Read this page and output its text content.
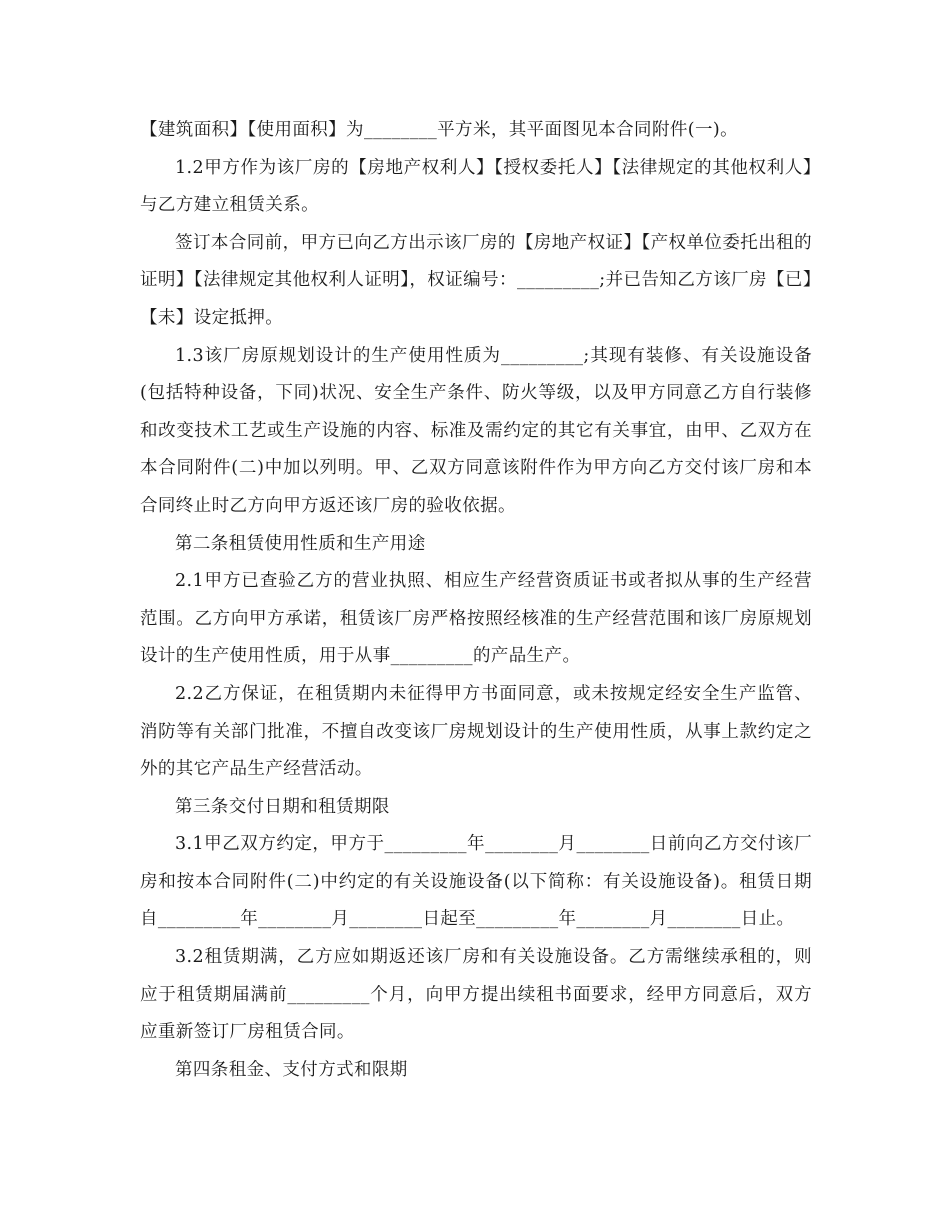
【建筑面积】【使用面积】为________平方米，其平面图见本合同附件(一)。

1.2甲方作为该厂房的【房地产权利人】【授权委托人】【法律规定的其他权利人】与乙方建立租赁关系。

签订本合同前，甲方已向乙方出示该厂房的【房地产权证】【产权单位委托出租的证明】【法律规定其他权利人证明】，权证编号：_________;并已告知乙方该厂房【已】【未】设定抵押。

1.3该厂房原规划设计的生产使用性质为_________;其现有装修、有关设施设备(包括特种设备，下同)状况、安全生产条件、防火等级，以及甲方同意乙方自行装修和改变技术工艺或生产设施的内容、标准及需约定的其它有关事宜，由甲、乙双方在本合同附件(二)中加以列明。甲、乙双方同意该附件作为甲方向乙方交付该厂房和本合同终止时乙方向甲方返还该厂房的验收依据。

第二条租赁使用性质和生产用途

2.1甲方已查验乙方的营业执照、相应生产经营资质证书或者拟从事的生产经营范围。乙方向甲方承诺，租赁该厂房严格按照经核准的生产经营范围和该厂房原规划设计的生产使用性质，用于从事_________的产品生产。

2.2乙方保证，在租赁期内未征得甲方书面同意，或未按规定经安全生产监管、消防等有关部门批准，不擅自改变该厂房规划设计的生产使用性质，从事上款约定之外的其它产品生产经营活动。

第三条交付日期和租赁期限

3.1甲乙双方约定，甲方于_________年________月________日前向乙方交付该厂房和按本合同附件(二)中约定的有关设施设备(以下简称：有关设施设备)。租赁日期自_________年________月________日起至_________年________月________日止。

3.2租赁期满，乙方应如期返还该厂房和有关设施设备。乙方需继续承租的，则应于租赁期届满前_________个月，向甲方提出续租书面要求，经甲方同意后，双方应重新签订厂房租赁合同。

第四条租金、支付方式和限期
